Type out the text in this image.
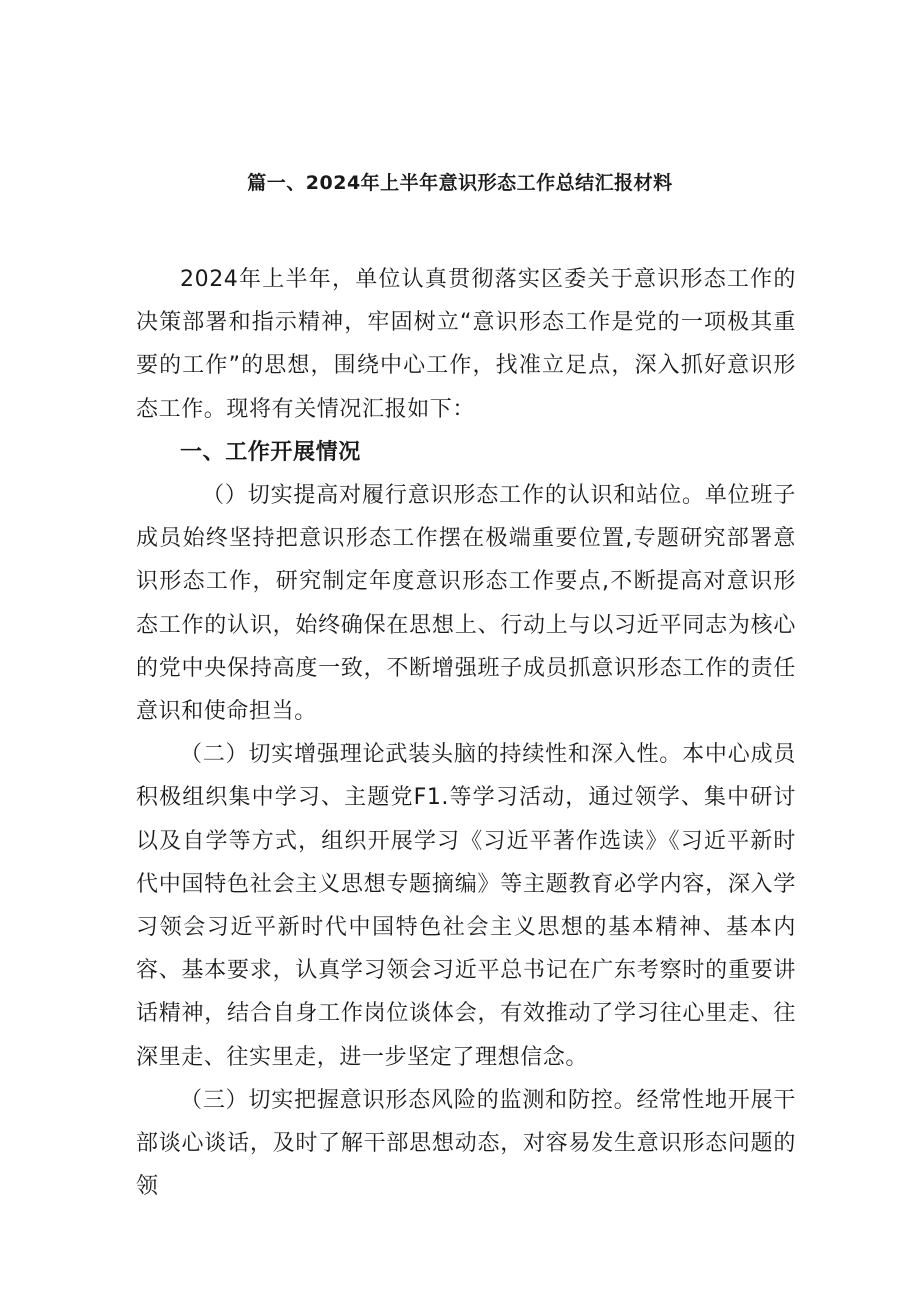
篇一、2024年上半年意识形态工作总结汇报材料

2024年上半年，单位认真贯彻落实区委关于意识形态工作的决策部署和指示精神，牢固树立“意识形态工作是党的一项极其重要的工作”的思想，围绕中心工作，找准立足点，深入抓好意识形态工作。现将有关情况汇报如下：

一、工作开展情况

（）切实提高对履行意识形态工作的认识和站位。单位班子成员始终坚持把意识形态工作摆在极端重要位置,专题研究部署意识形态工作，研究制定年度意识形态工作要点,不断提高对意识形态工作的认识，始终确保在思想上、行动上与以习近平同志为核心的党中央保持高度一致，不断增强班子成员抓意识形态工作的责任意识和使命担当。

（二）切实增强理论武装头脑的持续性和深入性。本中心成员积极组织集中学习、主题党F1.等学习活动，通过领学、集中研讨以及自学等方式，组织开展学习《习近平著作选读》《习近平新时代中国特色社会主义思想专题摘编》等主题教育必学内容，深入学习领会习近平新时代中国特色社会主义思想的基本精神、基本内容、基本要求，认真学习领会习近平总书记在广东考察时的重要讲话精神，结合自身工作岗位谈体会，有效推动了学习往心里走、往深里走、往实里走，进一步坚定了理想信念。

（三）切实把握意识形态风险的监测和防控。经常性地开展干部谈心谈话，及时了解干部思想动态，对容易发生意识形态问题的领
